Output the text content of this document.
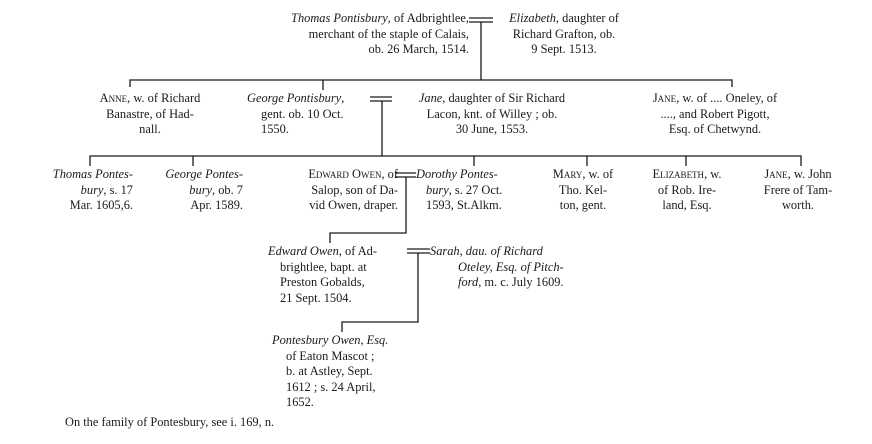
Thomas Pontisbury, of Adbrightlee,
merchant of the staple of Calais,
ob. 26 March, 1514.
Elizabeth, daughter of
Richard Grafton, ob.
9 Sept. 1513.
Anne, w. of Richard
Banastre, of Had-
nall.
George Pontisbury,
gent. ob. 10 Oct.
1550.
Jane, daughter of Sir Richard
Lacon, knt. of Willey ; ob.
30 June, 1553.
Jane, w. of .... Oneley, of
...., and Robert Pigott,
Esq. of Chetwynd.
Thomas Pontes-
bury, s. 17
Mar. 1605,6.
George Pontes-
bury, ob. 7
Apr. 1589.
Edward Owen, of
Salop, son of Da-
vid Owen, draper.
Dorothy Pontes-
bury, s. 27 Oct.
1593, St.Alkm.
Mary, w. of
Tho. Kel-
ton, gent.
Elizabeth, w.
of Rob. Ire-
land, Esq.
Jane, w. John
Frere of Tam-
worth.
Edward Owen, of Ad-
brightlee, bapt. at
Preston Gobalds,
21 Sept. 1504.
Sarah, dau. of Richard
Oteley, Esq. of Pitch-
ford, m. c. July 1609.
Pontesbury Owen, Esq.
of Eaton Mascot ;
b. at Astley, Sept.
1612 ; s. 24 April,
1652.
On the family of Pontesbury, see i. 169, n.
